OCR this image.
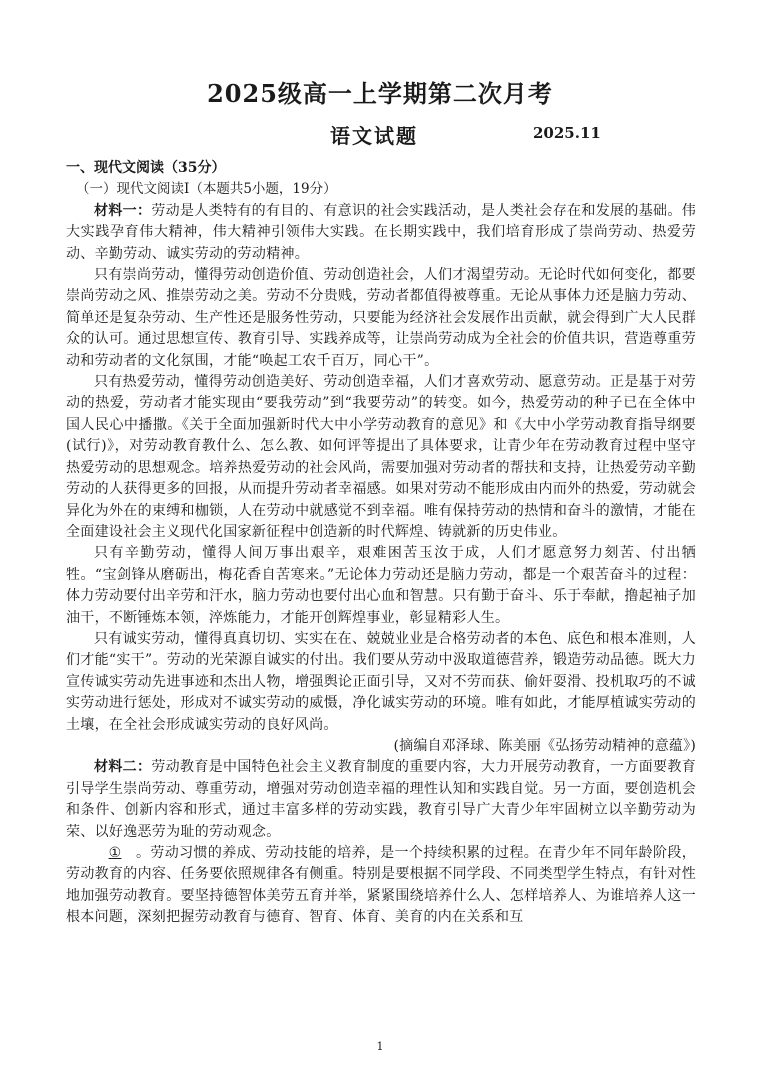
2025级高一上学期第二次月考
语文试题	2025.11

一、现代文阅读（35分）

（一）现代文阅读Ⅰ（本题共5小题，19分）

材料一：劳动是人类特有的有目的、有意识的社会实践活动，是人类社会存在和发展的基础。伟大实践孕育伟大精神，伟大精神引领伟大实践。在长期实践中，我们培育形成了崇尚劳动、热爱劳动、辛勤劳动、诚实劳动的劳动精神。

只有崇尚劳动，懂得劳动创造价值、劳动创造社会，人们才渴望劳动。无论时代如何变化，都要崇尚劳动之风、推崇劳动之美。劳动不分贵贱，劳动者都值得被尊重。无论从事体力还是脑力劳动、简单还是复杂劳动、生产性还是服务性劳动，只要能为经济社会发展作出贡献，就会得到广大人民群众的认可。通过思想宣传、教育引导、实践养成等，让崇尚劳动成为全社会的价值共识，营造尊重劳动和劳动者的文化氛围，才能“唤起工农千百万，同心干”。

只有热爱劳动，懂得劳动创造美好、劳动创造幸福，人们才喜欢劳动、愿意劳动。正是基于对劳动的热爱，劳动者才能实现由“要我劳动”到“我要劳动”的转变。如今，热爱劳动的种子已在全体中国人民心中播撒。《关于全面加强新时代大中小学劳动教育的意见》和《大中小学劳动教育指导纲要(试行)》，对劳动教育教什么、怎么教、如何评等提出了具体要求，让青少年在劳动教育过程中坚守热爱劳动的思想观念。培养热爱劳动的社会风尚，需要加强对劳动者的帮扶和支持，让热爱劳动辛勤劳动的人获得更多的回报，从而提升劳动者幸福感。如果对劳动不能形成由内而外的热爱，劳动就会异化为外在的束缚和枷锁，人在劳动中就感觉不到幸福。唯有保持劳动的热情和奋斗的激情，才能在全面建设社会主义现代化国家新征程中创造新的时代辉煌、铸就新的历史伟业。

只有辛勤劳动，懂得人间万事出艰辛，艰难困苦玉汝于成，人们才愿意努力刻苦、付出牺牲。“宝剑锋从磨砺出，梅花香自苦寒来。”无论体力劳动还是脑力劳动，都是一个艰苦奋斗的过程：体力劳动要付出辛劳和汗水，脑力劳动也要付出心血和智慧。只有勤于奋斗、乐于奉献，撸起袖子加油干，不断锤炼本领，淬炼能力，才能开创辉煌事业，彰显精彩人生。

只有诚实劳动，懂得真真切切、实实在在、兢兢业业是合格劳动者的本色、底色和根本准则，人们才能“实干”。劳动的光荣源自诚实的付出。我们要从劳动中汲取道德营养，锻造劳动品德。既大力宣传诚实劳动先进事迹和杰出人物，增强舆论正面引导，又对不劳而获、偷奸耍滑、投机取巧的不诚实劳动进行惩处，形成对不诚实劳动的威慑，净化诚实劳动的环境。唯有如此，才能厚植诚实劳动的土壤，在全社会形成诚实劳动的良好风尚。

(摘编自邓泽球、陈美丽《弘扬劳动精神的意蕴》)

材料二：劳动教育是中国特色社会主义教育制度的重要内容，大力开展劳动教育，一方面要教育引导学生崇尚劳动、尊重劳动，增强对劳动创造幸福的理性认知和实践自觉。另一方面，要创造机会和条件、创新内容和形式，通过丰富多样的劳动实践，教育引导广大青少年牢固树立以辛勤劳动为荣、以好逸恶劳为耻的劳动观念。

① 。劳动习惯的养成、劳动技能的培养，是一个持续积累的过程。在青少年不同年龄阶段，劳动教育的内容、任务要依照规律各有侧重。特别是要根据不同学段、不同类型学生特点，有针对性地加强劳动教育。要坚持德智体美劳五育并举，紧紧围绕培养什么人、怎样培养人、为谁培养人这一根本问题，深刻把握劳动教育与德育、智育、体育、美育的内在关系和互

1
